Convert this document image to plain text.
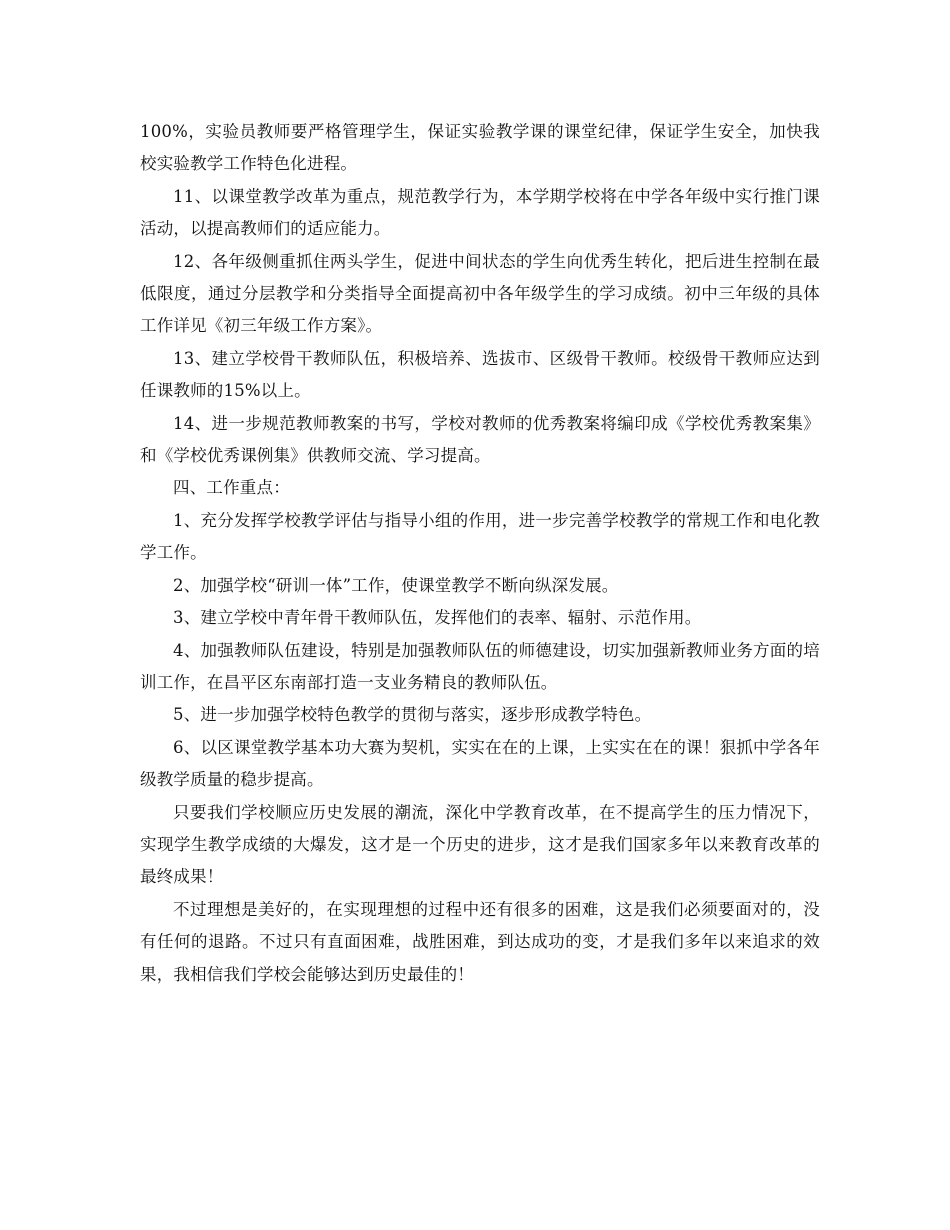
100%，实验员教师要严格管理学生，保证实验教学课的课堂纪律，保证学生安全，加快我校实验教学工作特色化进程。

11、以课堂教学改革为重点，规范教学行为，本学期学校将在中学各年级中实行推门课活动，以提高教师们的适应能力。

12、各年级侧重抓住两头学生，促进中间状态的学生向优秀生转化，把后进生控制在最低限度，通过分层教学和分类指导全面提高初中各年级学生的学习成绩。初中三年级的具体工作详见《初三年级工作方案》。

13、建立学校骨干教师队伍，积极培养、选拔市、区级骨干教师。校级骨干教师应达到任课教师的15%以上。

14、进一步规范教师教案的书写，学校对教师的优秀教案将编印成《学校优秀教案集》和《学校优秀课例集》供教师交流、学习提高。

四、工作重点：

1、充分发挥学校教学评估与指导小组的作用，进一步完善学校教学的常规工作和电化教学工作。

2、加强学校“研训一体”工作，使课堂教学不断向纵深发展。

3、建立学校中青年骨干教师队伍，发挥他们的表率、辐射、示范作用。

4、加强教师队伍建设，特别是加强教师队伍的师德建设，切实加强新教师业务方面的培训工作，在昌平区东南部打造一支业务精良的教师队伍。

5、进一步加强学校特色教学的贯彻与落实，逐步形成教学特色。

6、以区课堂教学基本功大赛为契机，实实在在的上课，上实实在在的课！狠抓中学各年级教学质量的稳步提高。

只要我们学校顺应历史发展的潮流，深化中学教育改革，在不提高学生的压力情况下，实现学生教学成绩的大爆发，这才是一个历史的进步，这才是我们国家多年以来教育改革的最终成果！

不过理想是美好的，在实现理想的过程中还有很多的困难，这是我们必须要面对的，没有任何的退路。不过只有直面困难，战胜困难，到达成功的变，才是我们多年以来追求的效果，我相信我们学校会能够达到历史最佳的！
